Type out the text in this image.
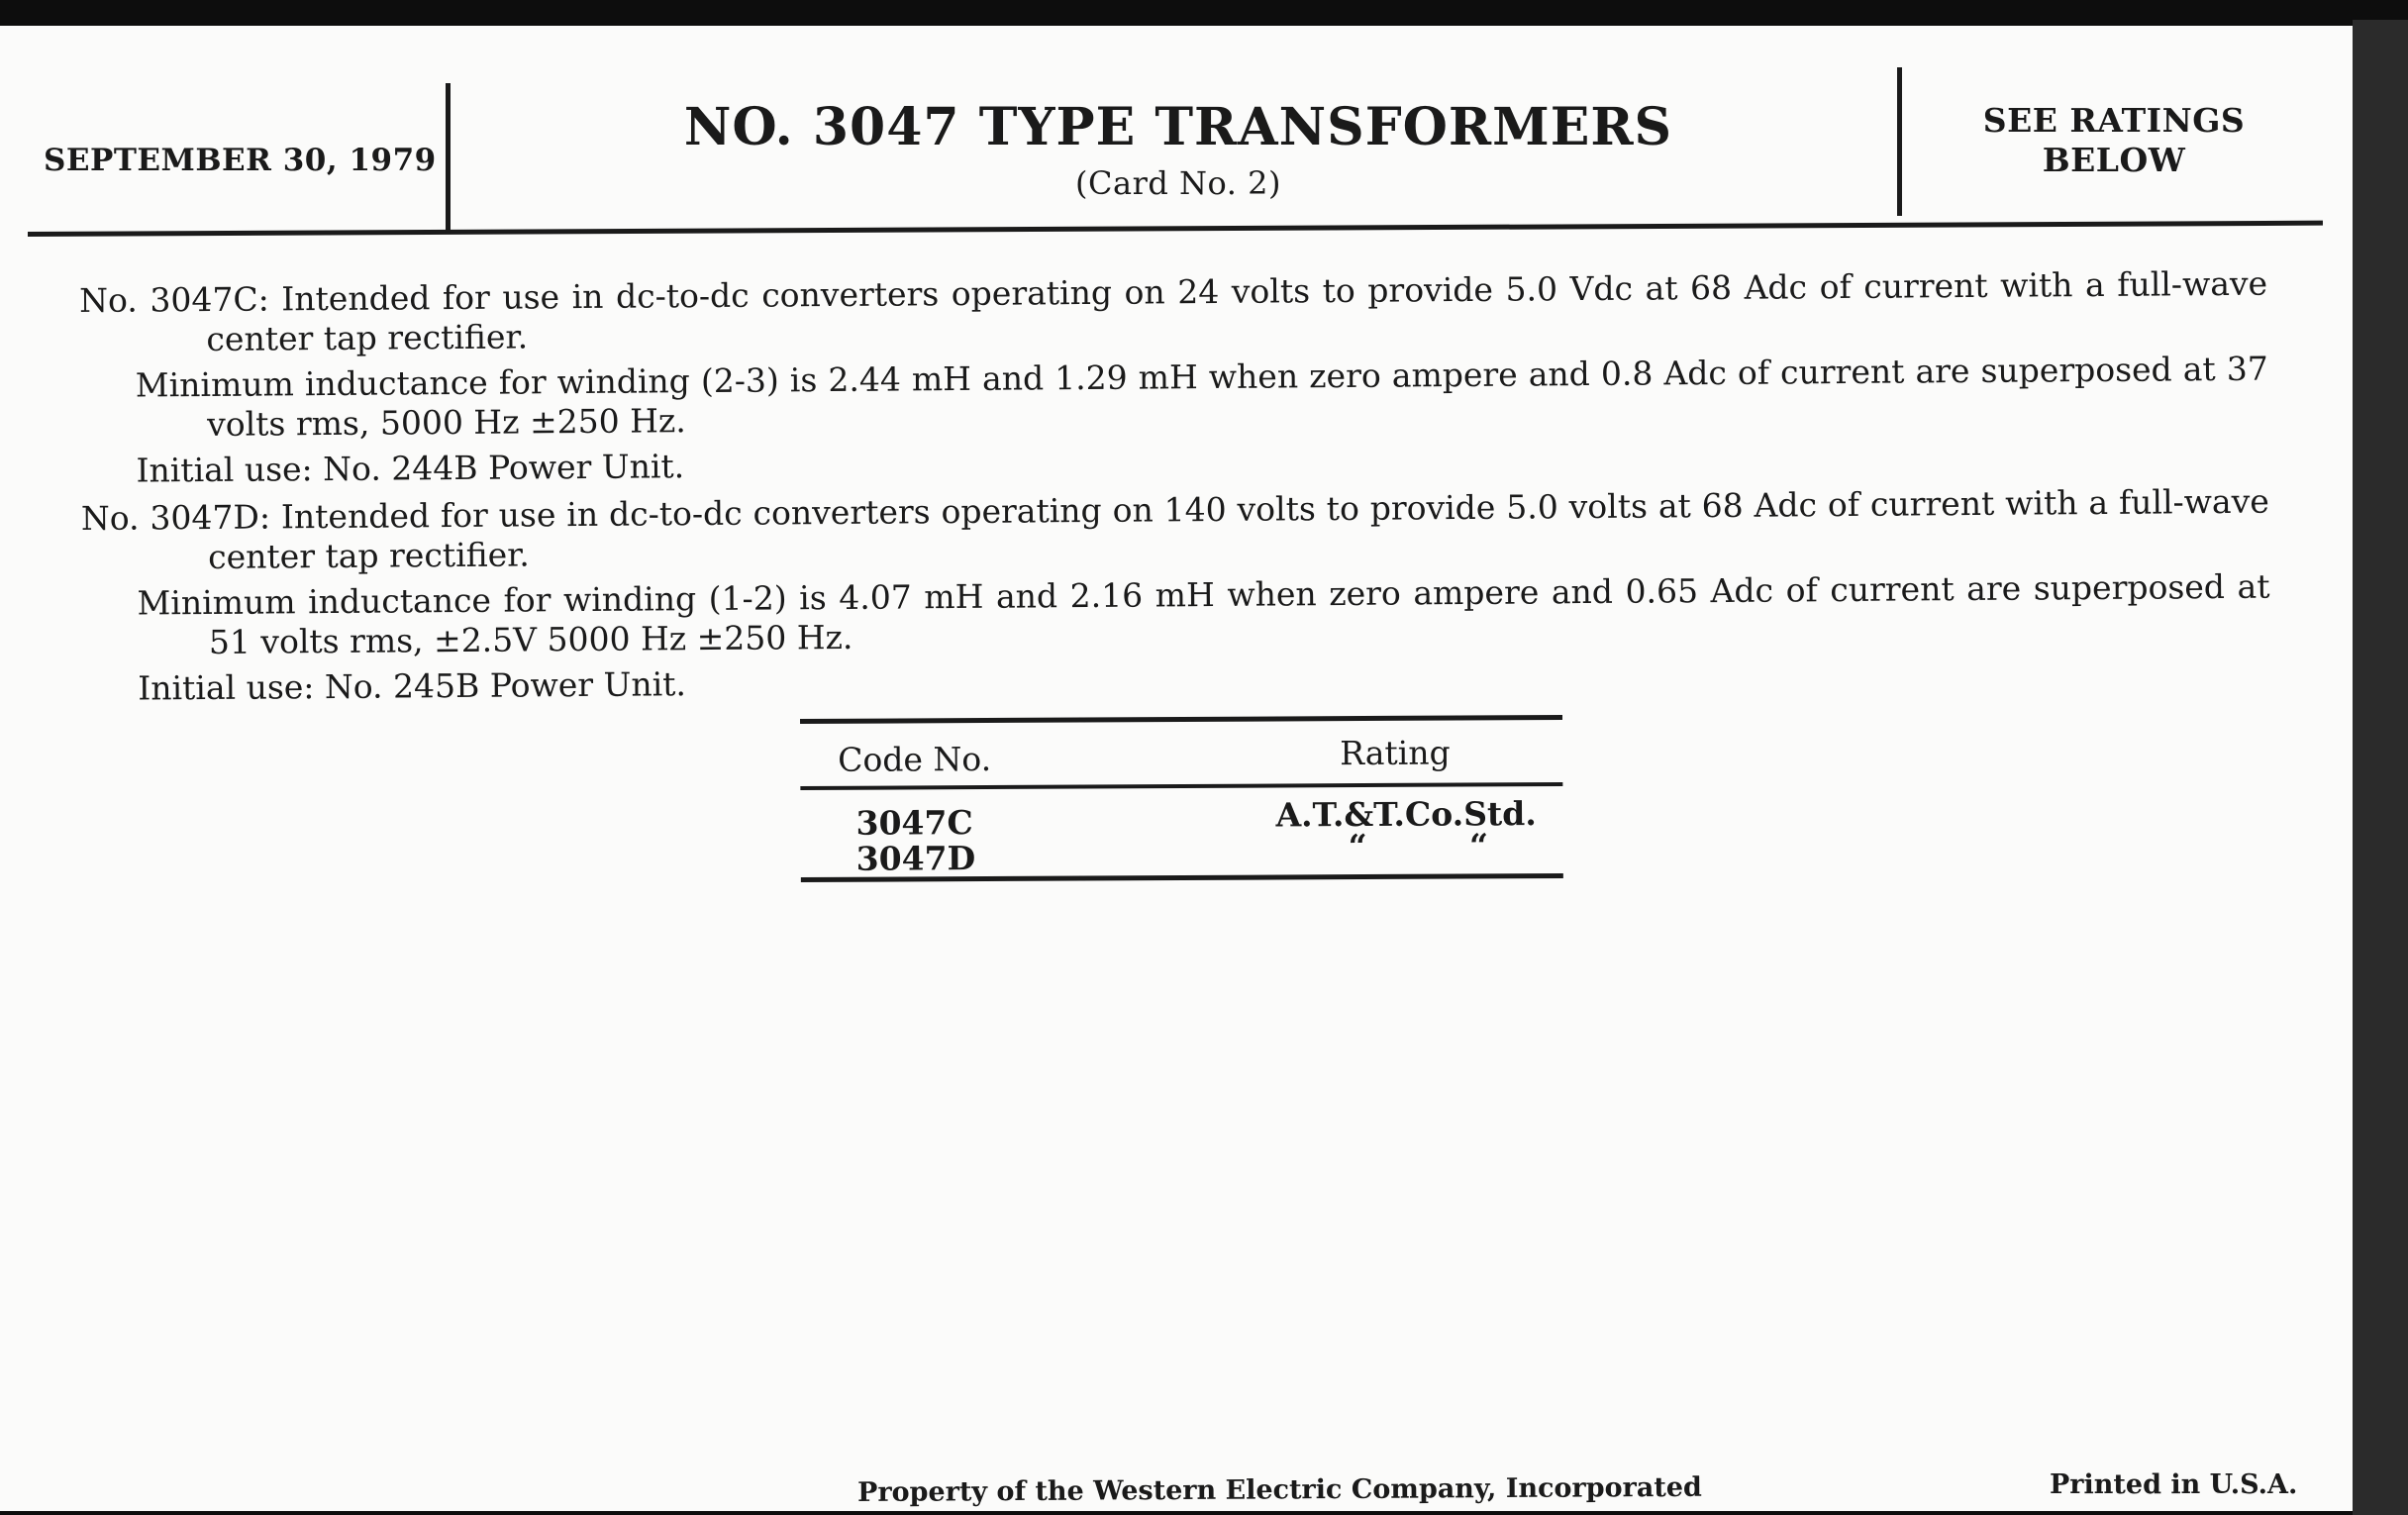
SEPTEMBER 30, 1979
NO. 3047 TYPE TRANSFORMERS
(Card No. 2)
SEE RATINGS
BELOW

No. 3047C: Intended for use in dc-to-dc converters operating on 24 volts to provide 5.0 Vdc at 68 Adc of current with a full-wave center tap rectifier.

Minimum inductance for winding (2-3) is 2.44 mH and 1.29 mH when zero ampere and 0.8 Adc of current are superposed at 37 volts rms, 5000 Hz ±250 Hz.

Initial use: No. 244B Power Unit.

No. 3047D: Intended for use in dc-to-dc converters operating on 140 volts to provide 5.0 volts at 68 Adc of current with a full-wave center tap rectifier.

Minimum inductance for winding (1-2) is 4.07 mH and 2.16 mH when zero ampere and 0.65 Adc of current are superposed at 51 volts rms, ±2.5V 5000 Hz ±250 Hz.

Initial use: No. 245B Power Unit.

Code No.	Rating
3047C	A.T.&T.Co.Std.
3047D	“         “
Property of the Western Electric Company, Incorporated	Printed in U.S.A.
